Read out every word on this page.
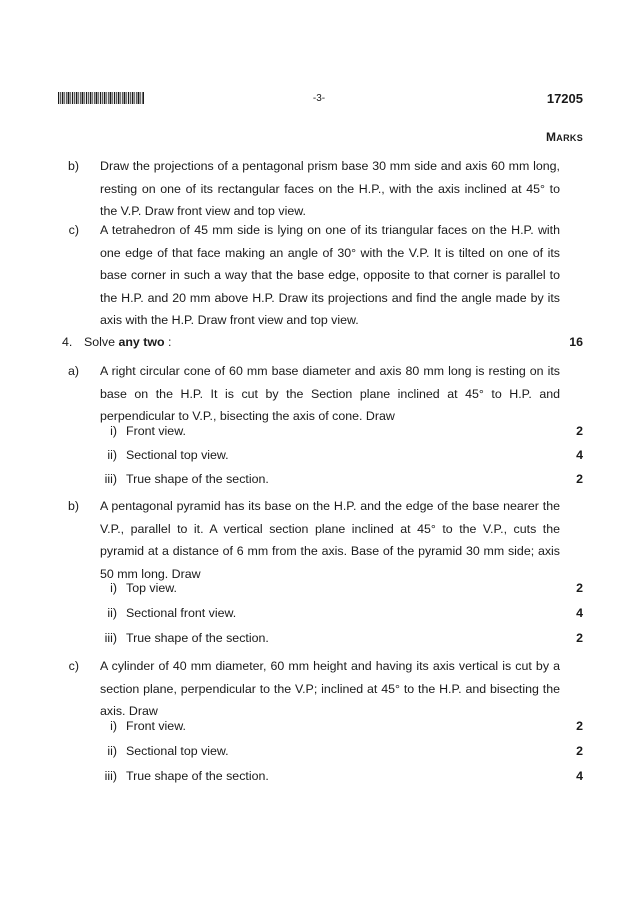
-3-	17205
MARKS
b) Draw the projections of a pentagonal prism base 30 mm side and axis 60 mm long, resting on one of its rectangular faces on the H.P., with the axis inclined at 45° to the V.P. Draw front view and top view.
c) A tetrahedron of 45 mm side is lying on one of its triangular faces on the H.P. with one edge of that face making an angle of 30° with the V.P. It is tilted on one of its base corner in such a way that the base edge, opposite to that corner is parallel to the H.P. and 20 mm above H.P. Draw its projections and find the angle made by its axis with the H.P. Draw front view and top view.
4. Solve any two :	16
a) A right circular cone of 60 mm base diameter and axis 80 mm long is resting on its base on the H.P. It is cut by the Section plane inclined at 45° to H.P. and perpendicular to V.P., bisecting the axis of cone. Draw
i) Front view.	2
ii) Sectional top view.	4
iii) True shape of the section.	2
b) A pentagonal pyramid has its base on the H.P. and the edge of the base nearer the V.P., parallel to it. A vertical section plane inclined at 45° to the V.P., cuts the pyramid at a distance of 6 mm from the axis. Base of the pyramid 30 mm side; axis 50 mm long. Draw
i) Top view.	2
ii) Sectional front view.	4
iii) True shape of the section.	2
c) A cylinder of 40 mm diameter, 60 mm height and having its axis vertical is cut by a section plane, perpendicular to the V.P; inclined at 45° to the H.P. and bisecting the axis. Draw
i) Front view.	2
ii) Sectional top view.	2
iii) True shape of the section.	4
